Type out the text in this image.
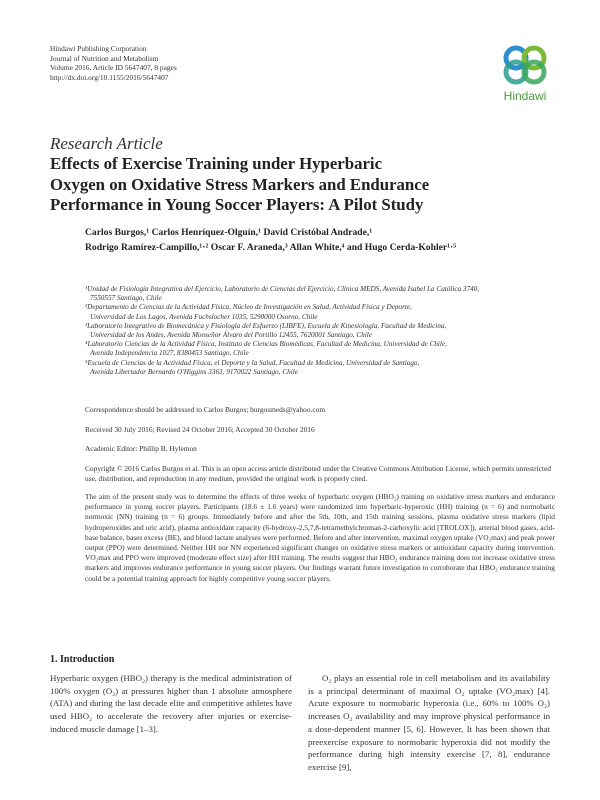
Hindawi Publishing Corporation
Journal of Nutrition and Metabolism
Volume 2016, Article ID 5647407, 8 pages
http://dx.doi.org/10.1155/2016/5647407
Hindawi
Research Article
Effects of Exercise Training under Hyperbaric
Oxygen on Oxidative Stress Markers and Endurance
Performance in Young Soccer Players: A Pilot Study
Carlos Burgos,¹ Carlos Henríquez-Olguín,¹ David Cristóbal Andrade,¹
Rodrigo Ramírez-Campillo,¹·² Oscar F. Araneda,³ Allan White,⁴ and Hugo Cerda-Kohler¹·⁵
¹Unidad de Fisiología Integrativa del Ejercicio, Laboratorio de Ciencias del Ejercicio, Clínica MEDS, Avenida Isabel La Católica 3740,
7550557 Santiago, Chile
²Departamento de Ciencias de la Actividad Física, Núcleo de Investigación en Salud, Actividad Física y Deporte,
Universidad de Los Lagos, Avenida Fuchslocher 1035, 5290000 Osorno, Chile
³Laboratorio Integrativo de Biomecánica y Fisiología del Esfuerzo (LIBFE), Escuela de Kinesiología, Facultad de Medicina,
Universidad de los Andes, Avenida Monseñor Álvaro del Portillo 12455, 7620001 Santiago, Chile
⁴Laboratorio Ciencias de la Actividad Física, Instituto de Ciencias Biomédicas, Facultad de Medicina, Universidad de Chile,
Avenida Independencia 1027, 8380453 Santiago, Chile
⁵Escuela de Ciencias de la Actividad Física, el Deporte y la Salud, Facultad de Medicina, Universidad de Santiago,
Avenida Libertador Bernardo O'Higgins 3363, 9170022 Santiago, Chile
Correspondence should be addressed to Carlos Burgos; burgosmeds@yahoo.com
Received 30 July 2016; Revised 24 October 2016; Accepted 30 October 2016
Academic Editor: Phillip B. Hylemon
Copyright © 2016 Carlos Burgos et al. This is an open access article distributed under the Creative Commons Attribution License, which permits unrestricted use, distribution, and reproduction in any medium, provided the original work is properly cited.
The aim of the present study was to determine the effects of three weeks of hyperbaric oxygen (HBO₂) training on oxidative stress markers and endurance performance in young soccer players. Participants (18.6 ± 1.6 years) were randomized into hyperbaric-hyperoxic (HH) training (n = 6) and normobaric normoxic (NN) training (n = 6) groups. Immediately before and after the 5th, 10th, and 15th training sessions, plasma oxidative stress markers (lipid hydroperoxides and uric acid), plasma antioxidant capacity (6-hydroxy-2,5,7,8-tetramethylchroman-2-carboxylic acid [TROLOX]), arterial blood gases, acid-base balance, bases excess (BE), and blood lactate analyses were performed. Before and after intervention, maximal oxygen uptake (VO₂max) and peak power output (PPO) were determined. Neither HH nor NN experienced significant changes on oxidative stress markers or antioxidant capacity during intervention. VO₂max and PPO were improved (moderate effect size) after HH training. The results suggest that HBO₂ endurance training does not increase oxidative stress markers and improves endurance performance in young soccer players. Our findings warrant future investigation to corroborate that HBO₂ endurance training could be a potential training approach for highly competitive young soccer players.
1. Introduction

Hyperbaric oxygen (HBO₂) therapy is the medical administration of 100% oxygen (O₂) at pressures higher than 1 absolute atmosphere (ATA) and during the last decade elite and competitive athletes have used HBO₂ to accelerate the recovery after injuries or exercise-induced muscle damage [1–3].

O₂ plays an essential role in cell metabolism and its availability is a principal determinant of maximal O₂ uptake (VO₂max) [4]. Acute exposure to normobaric hyperoxia (i.e., 60% to 100% O₂) increases O₂ availability and may improve physical performance in a dose-dependent manner [5, 6]. However, It has been shown that preexercise exposure to normobaric hyperoxia did not modify the performance during high intensity exercise [7, 8], endurance exercise [9],
